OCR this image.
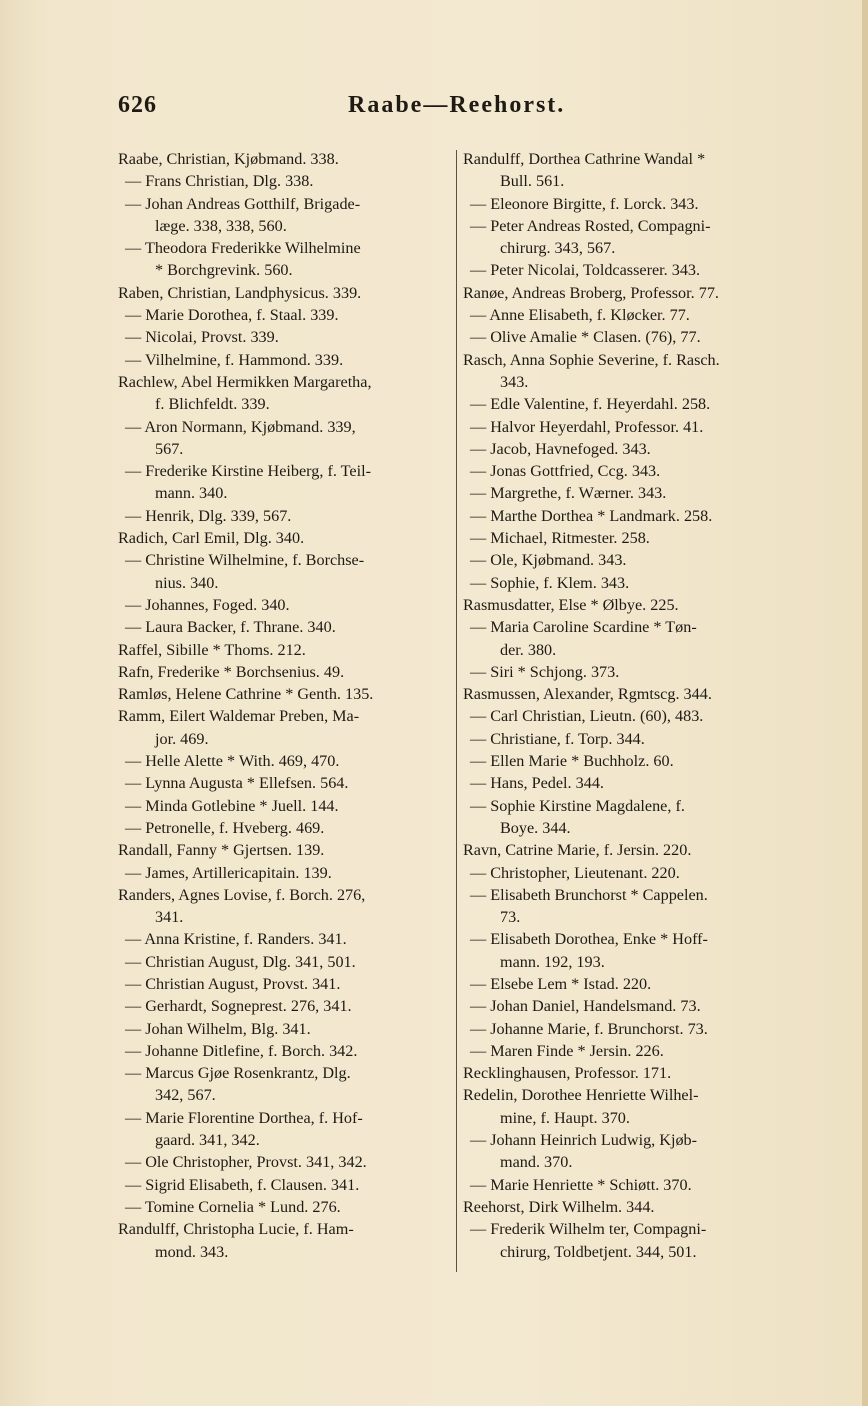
626	Raabe—Reehorst.
Raabe, Christian, Kjøbmand. 338.
— Frans Christian, Dlg. 338.
— Johan Andreas Gotthilf, Brigade-
læge. 338, 338, 560.
— Theodora Frederikke Wilhelmine
* Borchgrevink. 560.
Raben, Christian, Landphysicus. 339.
— Marie Dorothea, f. Staal. 339.
— Nicolai, Provst. 339.
— Vilhelmine, f. Hammond. 339.
Rachlew, Abel Hermikken Margaretha,
f. Blichfeldt. 339.
— Aron Normann, Kjøbmand. 339,
567.
— Frederike Kirstine Heiberg, f. Teil-
mann. 340.
— Henrik, Dlg. 339, 567.
Radich, Carl Emil, Dlg. 340.
— Christine Wilhelmine, f. Borchse-
nius. 340.
— Johannes, Foged. 340.
— Laura Backer, f. Thrane. 340.
Raffel, Sibille * Thoms. 212.
Rafn, Frederike * Borchsenius. 49.
Ramløs, Helene Cathrine * Genth. 135.
Ramm, Eilert Waldemar Preben, Ma-
jor. 469.
— Helle Alette * With. 469, 470.
— Lynna Augusta * Ellefsen. 564.
— Minda Gotlebine * Juell. 144.
— Petronelle, f. Hveberg. 469.
Randall, Fanny * Gjertsen. 139.
— James, Artillericapitain. 139.
Randers, Agnes Lovise, f. Borch. 276,
341.
— Anna Kristine, f. Randers. 341.
— Christian August, Dlg. 341, 501.
— Christian August, Provst. 341.
— Gerhardt, Sogneprest. 276, 341.
— Johan Wilhelm, Blg. 341.
— Johanne Ditlefine, f. Borch. 342.
— Marcus Gjøe Rosenkrantz, Dlg.
342, 567.
— Marie Florentine Dorthea, f. Hof-
gaard. 341, 342.
— Ole Christopher, Provst. 341, 342.
— Sigrid Elisabeth, f. Clausen. 341.
— Tomine Cornelia * Lund. 276.
Randulff, Christopha Lucie, f. Ham-
mond. 343.
Randulff, Dorthea Cathrine Wandal *
Bull. 561.
— Eleonore Birgitte, f. Lorck. 343.
— Peter Andreas Rosted, Compagni-
chirurg. 343, 567.
— Peter Nicolai, Toldcasserer. 343.
Ranøe, Andreas Broberg, Professor. 77.
— Anne Elisabeth, f. Kløcker. 77.
— Olive Amalie * Clasen. (76), 77.
Rasch, Anna Sophie Severine, f. Rasch.
343.
— Edle Valentine, f. Heyerdahl. 258.
— Halvor Heyerdahl, Professor. 41.
— Jacob, Havnefoged. 343.
— Jonas Gottfried, Ccg. 343.
— Margrethe, f. Wærner. 343.
— Marthe Dorthea * Landmark. 258.
— Michael, Ritmester. 258.
— Ole, Kjøbmand. 343.
— Sophie, f. Klem. 343.
Rasmusdatter, Else * Ølbye. 225.
— Maria Caroline Scardine * Tøn-
der. 380.
— Siri * Schjong. 373.
Rasmussen, Alexander, Rgmtscg. 344.
— Carl Christian, Lieutn. (60), 483.
— Christiane, f. Torp. 344.
— Ellen Marie * Buchholz. 60.
— Hans, Pedel. 344.
— Sophie Kirstine Magdalene, f.
Boye. 344.
Ravn, Catrine Marie, f. Jersin. 220.
— Christopher, Lieutenant. 220.
— Elisabeth Brunchorst * Cappelen.
73.
— Elisabeth Dorothea, Enke * Hoff-
mann. 192, 193.
— Elsebe Lem * Istad. 220.
— Johan Daniel, Handelsmand. 73.
— Johanne Marie, f. Brunchorst. 73.
— Maren Finde * Jersin. 226.
Recklinghausen, Professor. 171.
Redelin, Dorothee Henriette Wilhel-
mine, f. Haupt. 370.
— Johann Heinrich Ludwig, Kjøb-
mand. 370.
— Marie Henriette * Schiøtt. 370.
Reehorst, Dirk Wilhelm. 344.
— Frederik Wilhelm ter, Compagni-
chirurg, Toldbetjent. 344, 501.
